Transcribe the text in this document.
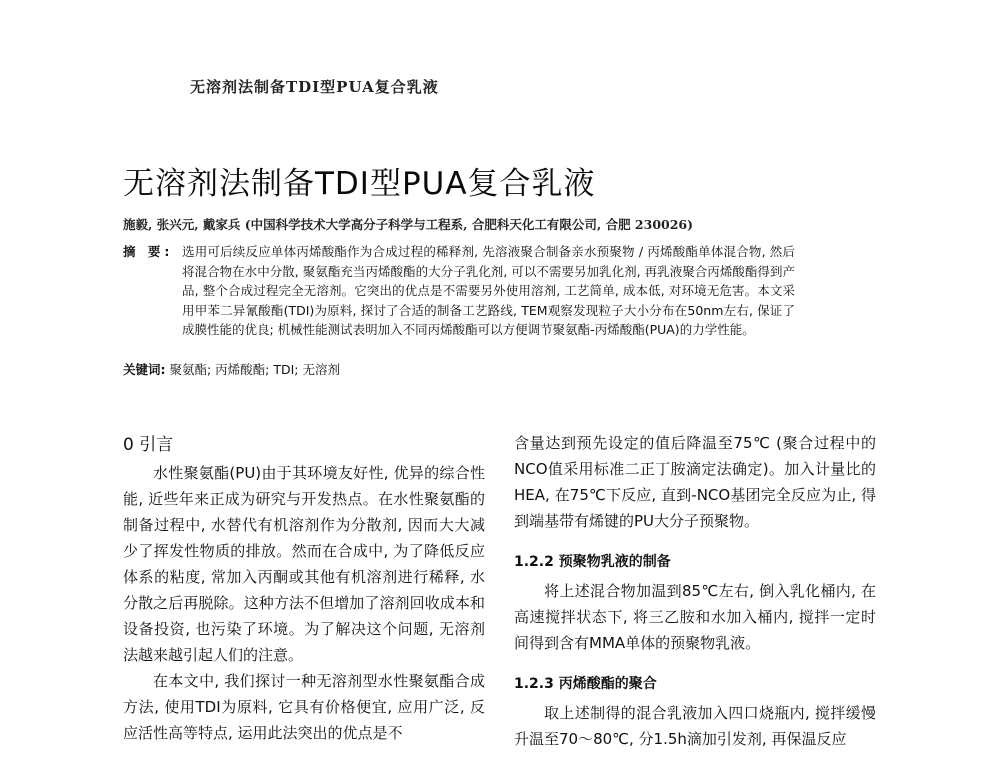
无溶剂法制备TDI型PUA复合乳液
无溶剂法制备TDI型PUA复合乳液
施毅, 张兴元, 戴家兵 (中国科学技术大学高分子科学与工程系, 合肥科天化工有限公司, 合肥 230026)
摘 要: 选用可后续反应单体丙烯酸酯作为合成过程的稀释剂, 先溶液聚合制备亲水预聚物 / 丙烯酸酯单体混合物, 然后将混合物在水中分散, 聚氨酯充当丙烯酸酯的大分子乳化剂, 可以不需要另加乳化剂, 再乳液聚合丙烯酸酯得到产品, 整个合成过程完全无溶剂。它突出的优点是不需要另外使用溶剂, 工艺简单, 成本低, 对环境无危害。本文采用甲苯二异氰酸酯(TDI)为原料, 探讨了合适的制备工艺路线, TEM观察发现粒子大小分布在50nm左右, 保证了成膜性能的优良; 机械性能测试表明加入不同丙烯酸酯可以方便调节聚氨酯-丙烯酸酯(PUA)的力学性能。
关键词: 聚氨酯; 丙烯酸酯; TDI; 无溶剂
0 引言

水性聚氨酯(PU)由于其环境友好性, 优异的综合性能, 近些年来正成为研究与开发热点。在水性聚氨酯的制备过程中, 水替代有机溶剂作为分散剂, 因而大大减少了挥发性物质的排放。然而在合成中, 为了降低反应体系的粘度, 常加入丙酮或其他有机溶剂进行稀释, 水分散之后再脱除。这种方法不但增加了溶剂回收成本和设备投资, 也污染了环境。为了解决这个问题, 无溶剂法越来越引起人们的注意。

在本文中, 我们探讨一种无溶剂型水性聚氨酯合成方法, 使用TDI为原料, 它具有价格便宜, 应用广泛, 反应活性高等特点, 运用此法突出的优点是不

含量达到预先设定的值后降温至75℃ (聚合过程中的NCO值采用标准二正丁胺滴定法确定)。加入计量比的HEA, 在75℃下反应, 直到-NCO基团完全反应为止, 得到端基带有烯键的PU大分子预聚物。

1.2.2 预聚物乳液的制备

将上述混合物加温到85℃左右, 倒入乳化桶内, 在高速搅拌状态下, 将三乙胺和水加入桶内, 搅拌一定时间得到含有MMA单体的预聚物乳液。

1.2.3 丙烯酸酯的聚合

取上述制得的混合乳液加入四口烧瓶内, 搅拌缓慢升温至70～80℃, 分1.5h滴加引发剂, 再保温反应
